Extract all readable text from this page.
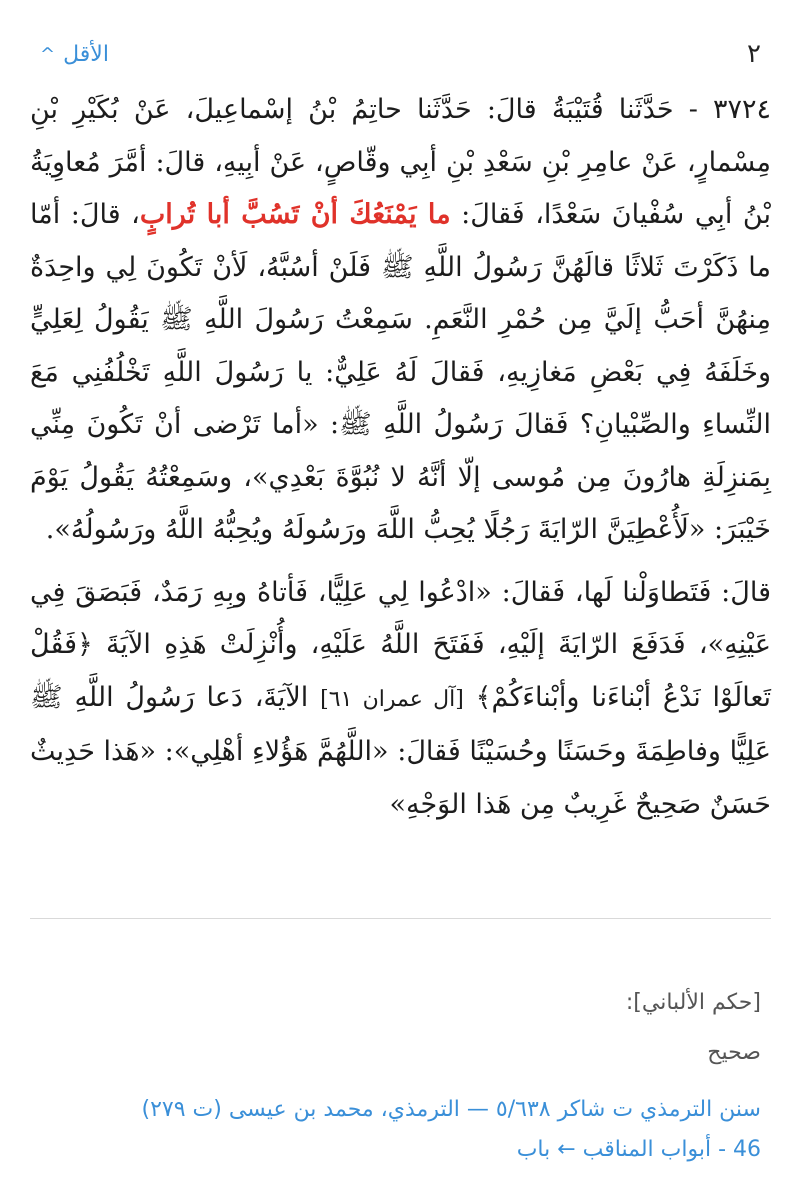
^ الأقل	٢

٣٧٢٤ - حَدَّثَنا قُتَيْبَةُ قالَ: حَدَّثَنا حاتِمُ بْنُ إسْماعِيلَ، عَنْ بُكَيْرِ بْنِ مِسْمارٍ، عَنْ عامِرِ بْنِ سَعْدِ بْنِ أبِي وقّاصٍ، عَنْ أبِيهِ، قالَ: أمَّرَ مُعاوِيَةُ بْنُ أبِي سُفْيانَ سَعْدًا، فَقالَ: ما يَمْنَعُكَ أنْ تَسُبَّ أبا تُرابٍ، قالَ: أمّا ما ذَكَرْتَ ثَلاثًا قالَهُنَّ رَسُولُ اللَّهِ ﷺ فَلَنْ أسُبَّهُ، لَأنْ تَكُونَ لِي واحِدَةٌ مِنهُنَّ أحَبُّ إلَيَّ مِن حُمْرِ النَّعَمِ. سَمِعْتُ رَسُولَ اللَّهِ ﷺ يَقُولُ لِعَلِيٍّ وخَلَفَهُ فِي بَعْضِ مَغازِيهِ، فَقالَ لَهُ عَلِيٌّ: يا رَسُولَ اللَّهِ تَخْلُفُنِي مَعَ النِّساءِ والصِّبْيانِ؟ فَقالَ رَسُولُ اللَّهِ ﷺ: «أما تَرْضى أنْ تَكُونَ مِنِّي بِمَنزِلَةِ هارُونَ مِن مُوسى إلّا أنَّهُ لا نُبُوَّةَ بَعْدِي»، وسَمِعْتُهُ يَقُولُ يَوْمَ خَيْبَرَ: «لَأُعْطِيَنَّ الرّايَةَ رَجُلًا يُحِبُّ اللَّهَ ورَسُولَهُ ويُحِبُّهُ اللَّهُ ورَسُولُهُ».

قالَ: فَتَطاوَلْنا لَها، فَقالَ: «ادْعُوا لِي عَلِيًّا، فَأتاهُ وبِهِ رَمَدٌ، فَبَصَقَ فِي عَيْنِهِ»، فَدَفَعَ الرّايَةَ إلَيْهِ، فَفَتَحَ اللَّهُ عَلَيْهِ، وأُنْزِلَتْ هَذِهِ الآيَةَ ﴿فَقُلْ تَعالَوْا نَدْعُ أبْناءَنا وأبْناءَكُمْ﴾ [آل عمران ٦١] الآيَةَ، دَعا رَسُولُ اللَّهِ ﷺ عَلِيًّا وفاطِمَةَ وحَسَنًا وحُسَيْنًا فَقالَ: «اللَّهُمَّ هَؤُلاءِ أهْلِي»: «هَذا حَدِيثٌ حَسَنٌ صَحِيحٌ غَرِيبٌ مِن هَذا الوَجْهِ»

[حكم الألباني]:
صحيح
سنن الترمذي ت شاكر ٥/٦٣٨ — الترمذي، محمد بن عيسى (ت ٢٧٩)
46 - أبواب المناقب ← باب
